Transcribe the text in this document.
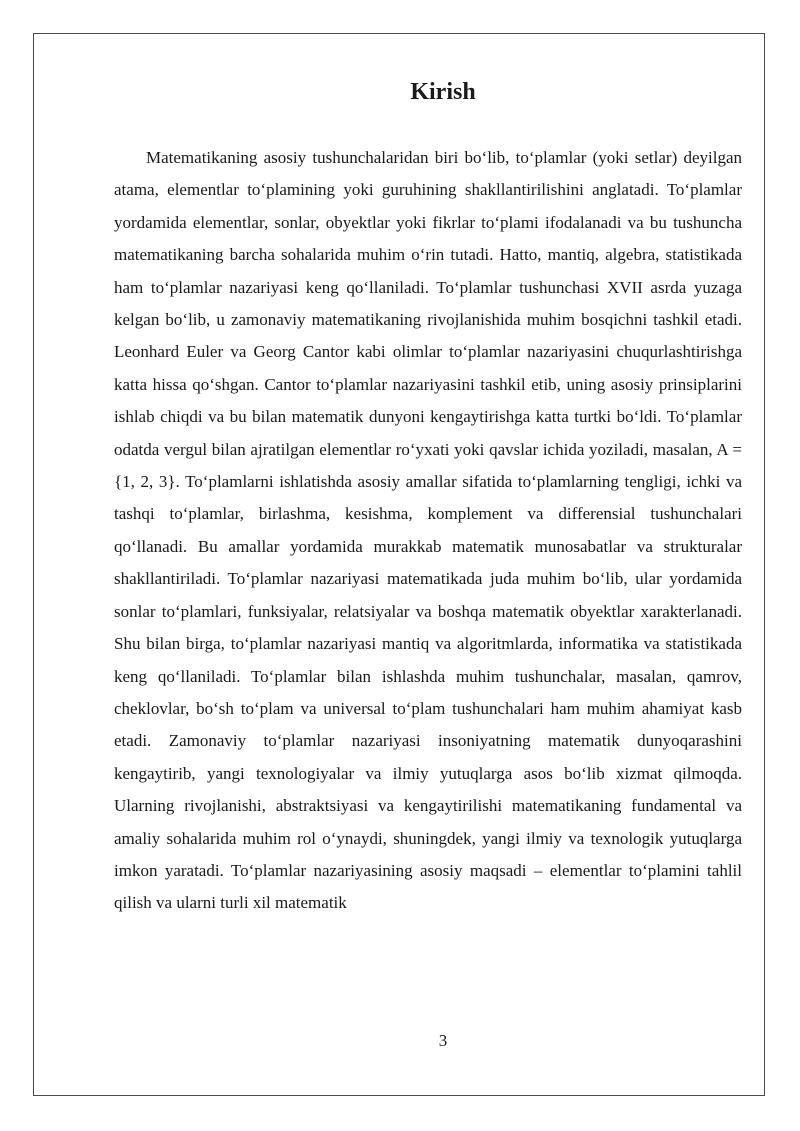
Kirish

Matematikaning asosiy tushunchalaridan biri bo‘lib, to‘plamlar (yoki setlar) deyilgan atama, elementlar to‘plamining yoki guruhining shakllantirilishini anglatadi. To‘plamlar yordamida elementlar, sonlar, obyektlar yoki fikrlar to‘plami ifodalanadi va bu tushuncha matematikaning barcha sohalarida muhim o‘rin tutadi. Hatto, mantiq, algebra, statistikada ham to‘plamlar nazariyasi keng qo‘llaniladi. To‘plamlar tushunchasi XVII asrda yuzaga kelgan bo‘lib, u zamonaviy matematikaning rivojlanishida muhim bosqichni tashkil etadi. Leonhard Euler va Georg Cantor kabi olimlar to‘plamlar nazariyasini chuqurlashtirishga katta hissa qo‘shgan. Cantor to‘plamlar nazariyasini tashkil etib, uning asosiy prinsiplarini ishlab chiqdi va bu bilan matematik dunyoni kengaytirishga katta turtki bo‘ldi. To‘plamlar odatda vergul bilan ajratilgan elementlar ro‘yxati yoki qavslar ichida yoziladi, masalan, A = {1, 2, 3}. To‘plamlarni ishlatishda asosiy amallar sifatida to‘plamlarning tengligi, ichki va tashqi to‘plamlar, birlashma, kesishma, komplement va differensial tushunchalari qo‘llanadi. Bu amallar yordamida murakkab matematik munosabatlar va strukturalar shakllantiriladi. To‘plamlar nazariyasi matematikada juda muhim bo‘lib, ular yordamida sonlar to‘plamlari, funksiyalar, relatsiyalar va boshqa matematik obyektlar xarakterlanadi. Shu bilan birga, to‘plamlar nazariyasi mantiq va algoritmlarda, informatika va statistikada keng qo‘llaniladi. To‘plamlar bilan ishlashda muhim tushunchalar, masalan, qamrov, cheklovlar, bo‘sh to‘plam va universal to‘plam tushunchalari ham muhim ahamiyat kasb etadi. Zamonaviy to‘plamlar nazariyasi insoniyatning matematik dunyoqarashini kengaytirib, yangi texnologiyalar va ilmiy yutuqlarga asos bo‘lib xizmat qilmoqda. Ularning rivojlanishi, abstraktsiyasi va kengaytirilishi matematikaning fundamental va amaliy sohalarida muhim rol o‘ynaydi, shuningdek, yangi ilmiy va texnologik yutuqlarga imkon yaratadi. To‘plamlar nazariyasining asosiy maqsadi – elementlar to‘plamini tahlil qilish va ularni turli xil matematik

3
